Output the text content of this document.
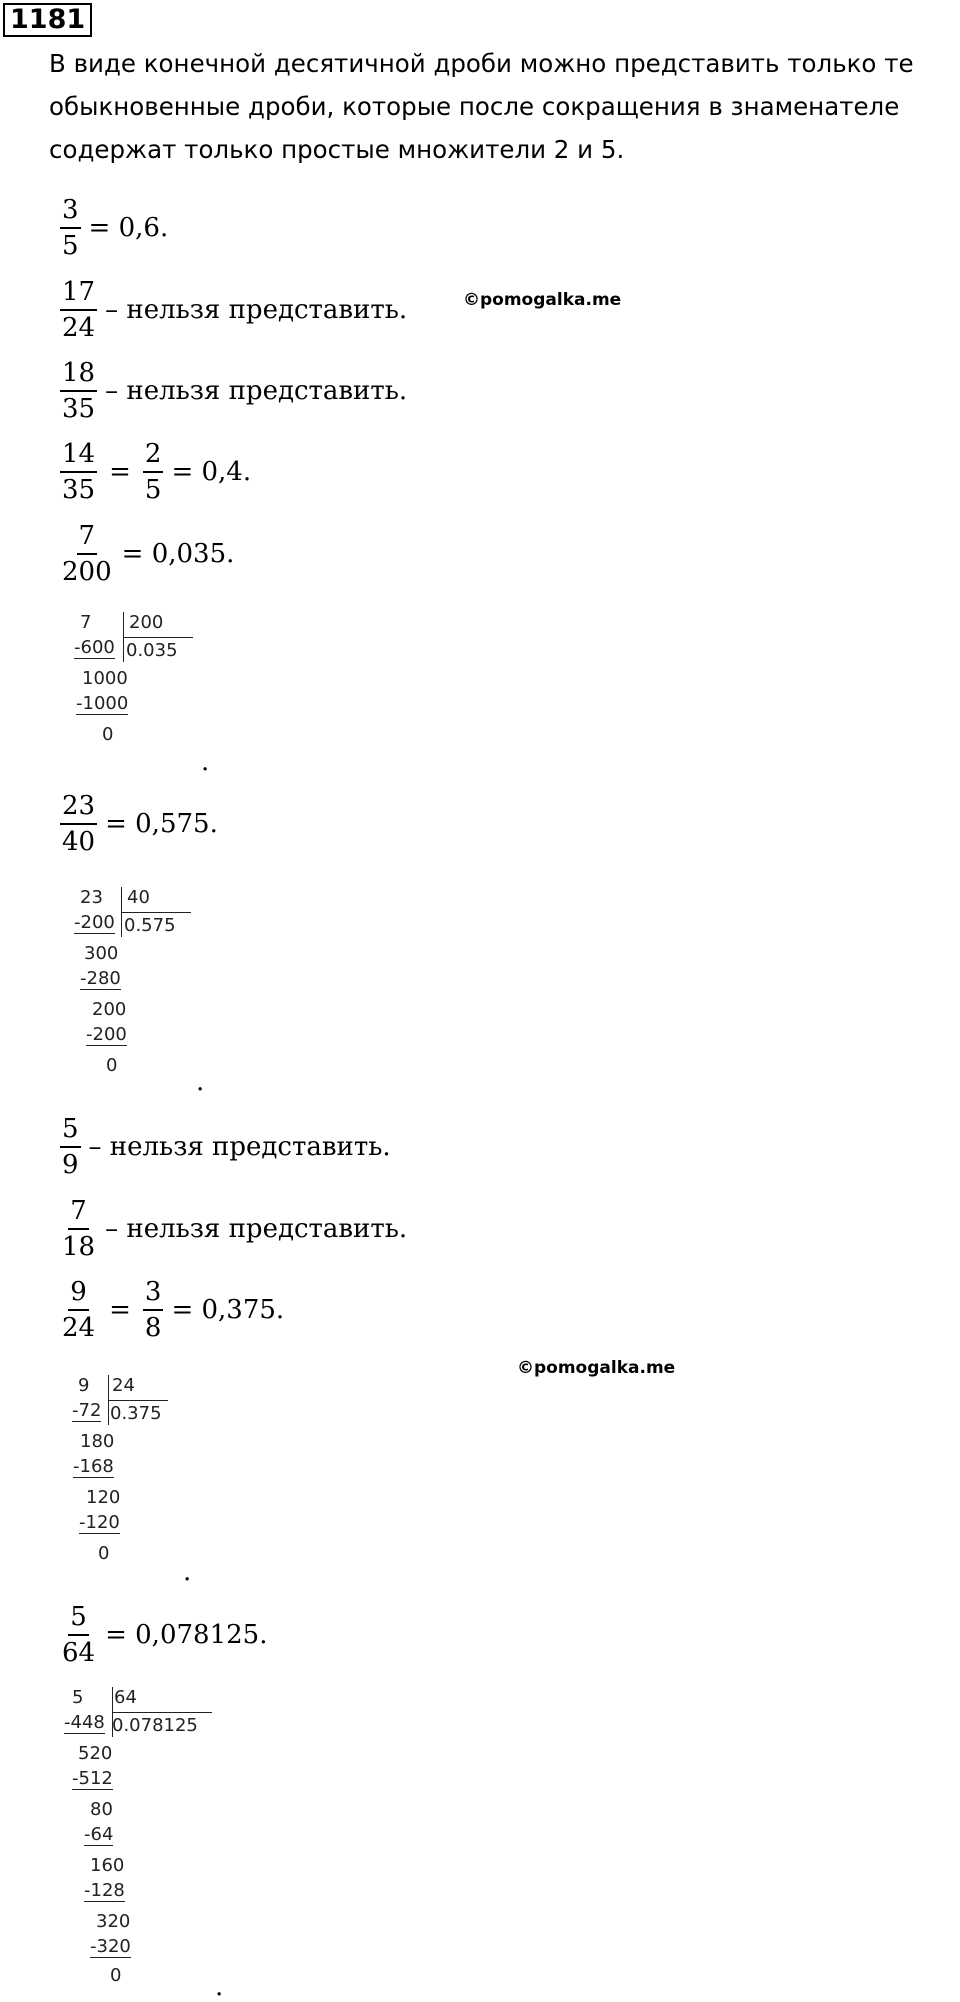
1181
В виде конечной десятичной дроби можно представить только те
обыкновенные дроби, которые после сокращения в знаменателе
содержат только простые множители 2 и 5.
©pomogalka.me
©pomogalka.me
$\frac{3}{5} = 0,6$.
$\frac{17}{24}$ – нельзя представить.
$\frac{18}{35}$ – нельзя представить.
$\frac{14}{35} = \frac{2}{5} = 0,4$.
$\frac{7}{200} = 0,035$.
7 200
-600 0.035
1000
-1000
0
.
$\frac{23}{40} = 0,575$.
23 40
-200 0.575
300
-280
200
-200
0
.
$\frac{5}{9}$ – нельзя представить.
$\frac{7}{18}$ – нельзя представить.
$\frac{9}{24} = \frac{3}{8} = 0,375$.
9 24
-72 0.375
180
-168
120
-120
0
.
$\frac{5}{64} = 0,078125$.
5 64
-448 0.078125
520
-512
80
-64
160
-128
320
-320
0	.
